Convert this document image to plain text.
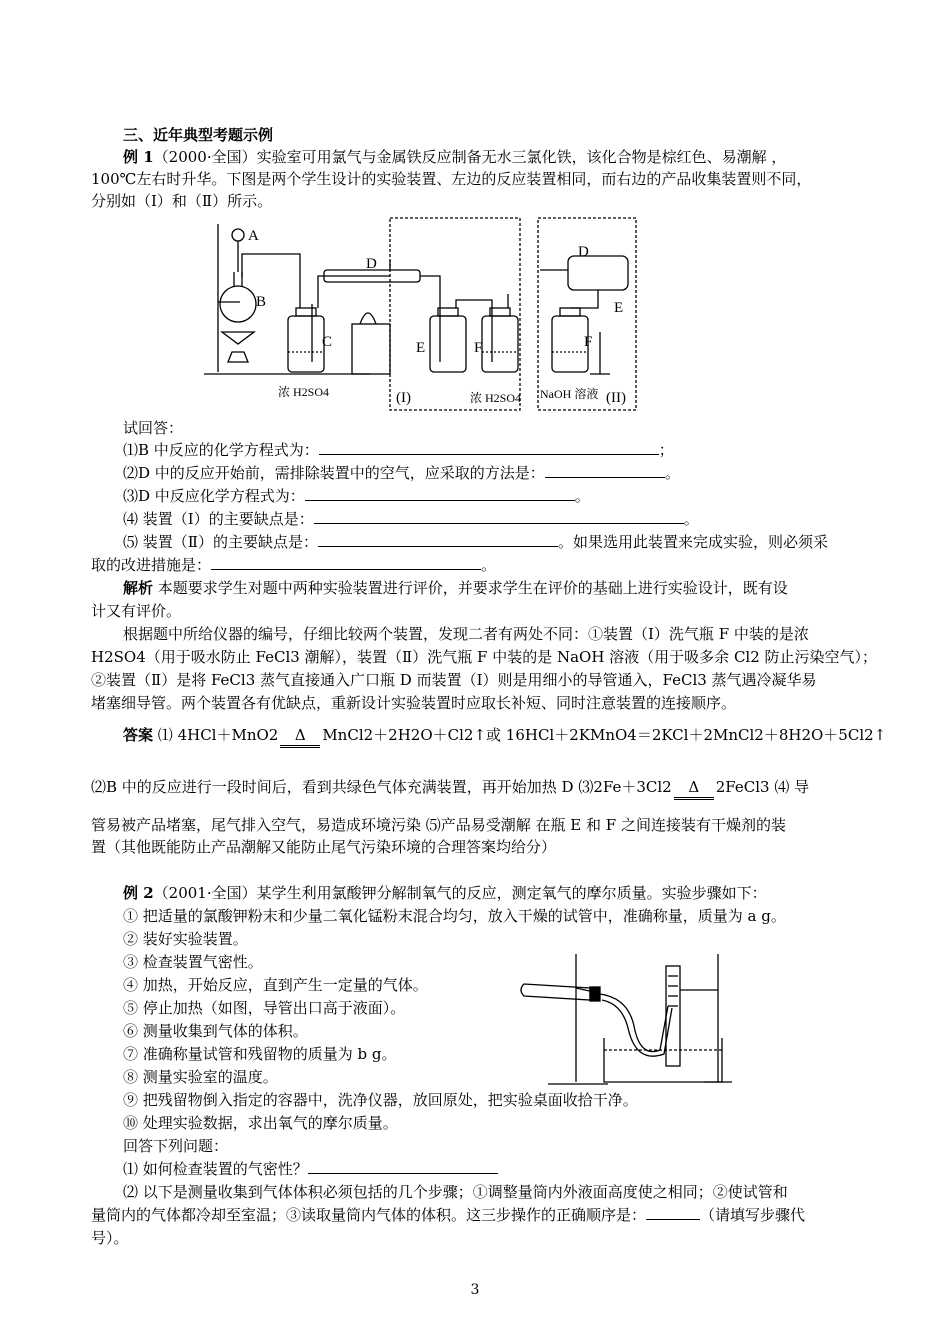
三、近年典型考题示例
例 1（2000·全国）实验室可用氯气与金属铁反应制备无水三氯化铁，该化合物是棕红色、易潮解 ，
100℃左右时升华。下图是两个学生设计的实验装置、左边的反应装置相同，而右边的产品收集装置则不同，
分别如（Ⅰ）和（Ⅱ）所示。
A
B
C
D
E	F
D
E
F
浓 H2SO4	(I)	浓 H2SO4 NaOH 溶液 (II)
试回答：
⑴B 中反应的化学方程式为：	；
⑵D 中的反应开始前，需排除装置中的空气，应采取的方法是：	。
⑶D 中反应化学方程式为：	。
⑷ 装置（Ⅰ）的主要缺点是：	。
⑸ 装置（Ⅱ）的主要缺点是：	。如果选用此装置来完成实验，则必须采
取的改进措施是：	。
解析 本题要求学生对题中两种实验装置进行评价，并要求学生在评价的基础上进行实验设计，既有设
计又有评价。
根据题中所给仪器的编号，仔细比较两个装置，发现二者有两处不同：①装置（Ⅰ）洗气瓶 F 中装的是浓
H2SO4（用于吸水防止 FeCl3 潮解），装置（Ⅱ）洗气瓶 F 中装的是 NaOH 溶液（用于吸多余 Cl2 防止污染空气）；
②装置（Ⅱ）是将 FeCl3 蒸气直接通入广口瓶 D 而装置（Ⅰ）则是用细小的导管通入，FeCl3 蒸气遇冷凝华易
堵塞细导管。两个装置各有优缺点，重新设计实验装置时应取长补短、同时注意装置的连接顺序。
答案 ⑴ 4HCl＋MnO2 Δ MnCl2＋2H2O＋Cl2↑或 16HCl＋2KMnO4＝2KCl＋2MnCl2＋8H2O＋5Cl2↑
⑵B 中的反应进行一段时间后，看到共绿色气体充满装置，再开始加热 D ⑶2Fe＋3Cl2 Δ 2FeCl3 ⑷ 导
管易被产品堵塞，尾气排入空气，易造成环境污染 ⑸产品易受潮解 在瓶 E 和 F 之间连接装有干燥剂的装
置（其他既能防止产品潮解又能防止尾气污染环境的合理答案均给分）
例 2（2001·全国）某学生利用氯酸钾分解制氧气的反应，测定氧气的摩尔质量。实验步骤如下：
① 把适量的氯酸钾粉末和少量二氧化锰粉末混合均匀，放入干燥的试管中，准确称量，质量为 a g。
② 装好实验装置。
③ 检查装置气密性。
④ 加热，开始反应，直到产生一定量的气体。
⑤ 停止加热（如图，导管出口高于液面）。
⑥ 测量收集到气体的体积。
⑦ 准确称量试管和残留物的质量为 b g。
⑧ 测量实验室的温度。
⑨ 把残留物倒入指定的容器中，洗净仪器，放回原处，把实验桌面收拾干净。
⑩ 处理实验数据，求出氧气的摩尔质量。
回答下列问题：
⑴ 如何检查装置的气密性？
⑵ 以下是测量收集到气体体积必须包括的几个步骤；①调整量筒内外液面高度使之相同；②使试管和
量筒内的气体都冷却至室温；③读取量筒内气体的体积。这三步操作的正确顺序是：	（请填写步骤代
号）。
3
